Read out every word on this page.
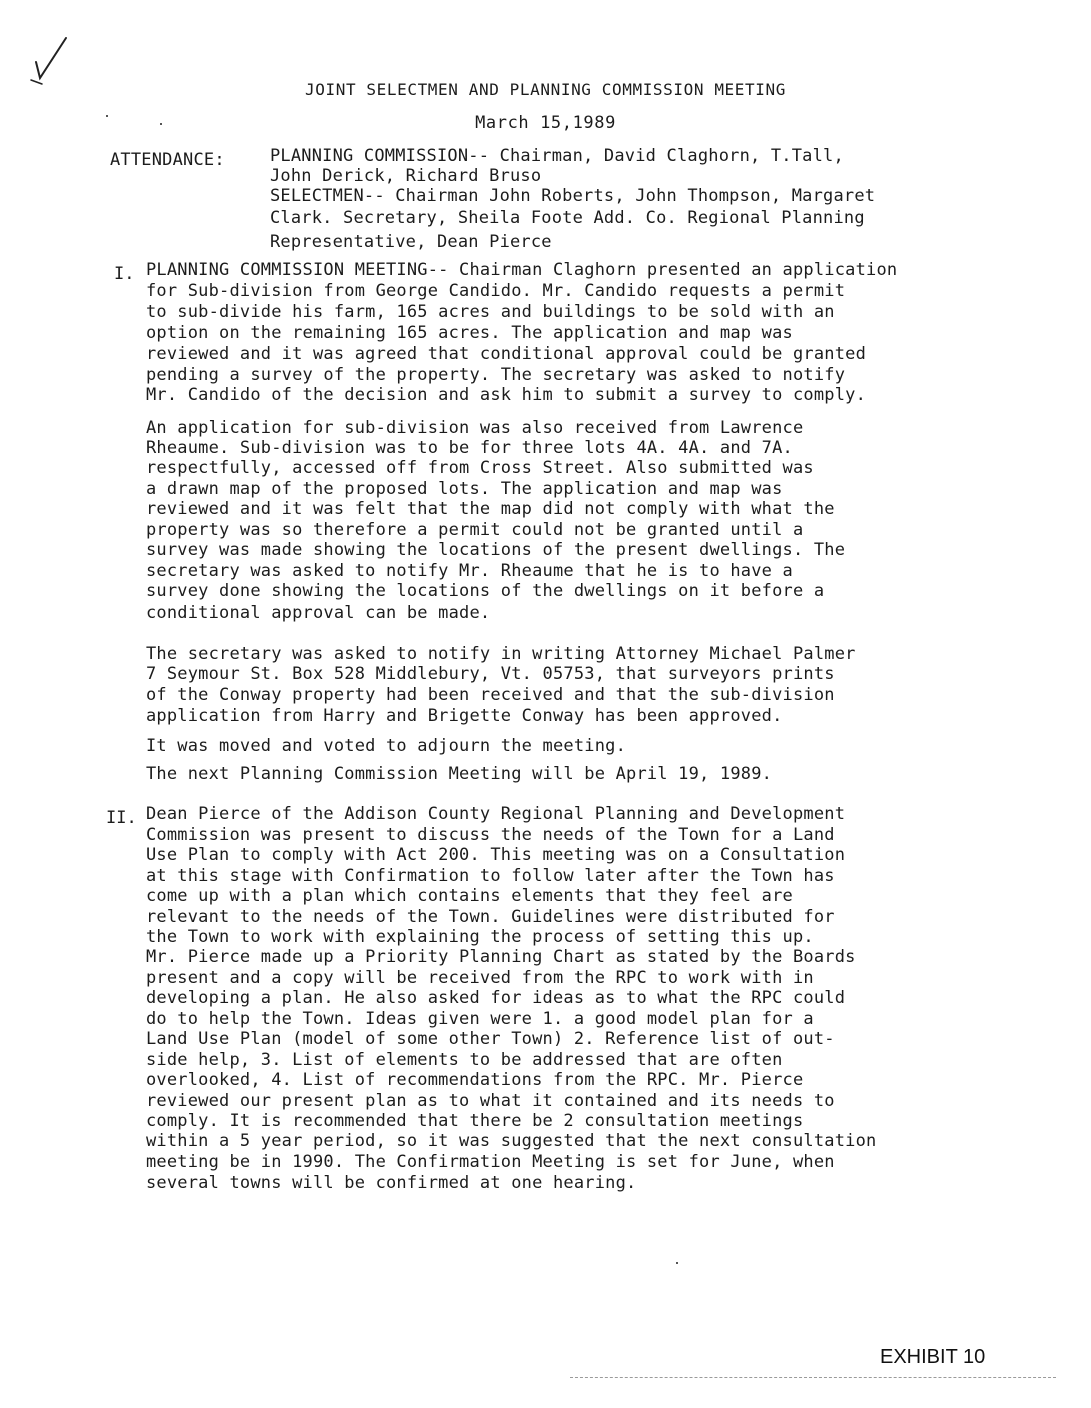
JOINT SELECTMEN AND PLANNING COMMISSION MEETING
March 15,1989
ATTENDANCE:	PLANNING COMMISSION-- Chairman, David Claghorn, T.Tall,
John Derick, Richard Bruso
SELECTMEN-- Chairman John Roberts, John Thompson, Margaret
Clark. Secretary, Sheila Foote Add. Co. Regional Planning
Representative, Dean Pierce
I. PLANNING COMMISSION MEETING-- Chairman Claghorn presented an application
for Sub-division from George Candido. Mr. Candido requests a permit
to sub-divide his farm, 165 acres and buildings to be sold with an
option on the remaining 165 acres. The application and map was
reviewed and it was agreed that conditional approval could be granted
pending a survey of the property. The secretary was asked to notify
Mr. Candido of the decision and ask him to submit a survey to comply.
An application for sub-division was also received from Lawrence
Rheaume. Sub-division was to be for three lots 4A. 4A. and 7A.
respectfully, accessed off from Cross Street. Also submitted was
a drawn map of the proposed lots. The application and map was
reviewed and it was felt that the map did not comply with what the
property was so therefore a permit could not be granted until a
survey was made showing the locations of the present dwellings. The
secretary was asked to notify Mr. Rheaume that he is to have a
survey done showing the locations of the dwellings on it before a
conditional approval can be made.
The secretary was asked to notify in writing Attorney Michael Palmer
7 Seymour St. Box 528 Middlebury, Vt. 05753, that surveyors prints
of the Conway property had been received and that the sub-division
application from Harry and Brigette Conway has been approved.
It was moved and voted to adjourn the meeting.
The next Planning Commission Meeting will be April 19, 1989.
II. Dean Pierce of the Addison County Regional Planning and Development
Commission was present to discuss the needs of the Town for a Land
Use Plan to comply with Act 200. This meeting was on a Consultation
at this stage with Confirmation to follow later after the Town has
come up with a plan which contains elements that they feel are
relevant to the needs of the Town. Guidelines were distributed for
the Town to work with explaining the process of setting this up.
Mr. Pierce made up a Priority Planning Chart as stated by the Boards
present and a copy will be received from the RPC to work with in
developing a plan. He also asked for ideas as to what the RPC could
do to help the Town. Ideas given were 1. a good model plan for a
Land Use Plan (model of some other Town) 2. Reference list of out-
side help, 3. List of elements to be addressed that are often
overlooked, 4. List of recommendations from the RPC. Mr. Pierce
reviewed our present plan as to what it contained and its needs to
comply. It is recommended that there be 2 consultation meetings
within a 5 year period, so it was suggested that the next consultation
meeting be in 1990. The Confirmation Meeting is set for June, when
several towns will be confirmed at one hearing.
EXHIBIT 10
